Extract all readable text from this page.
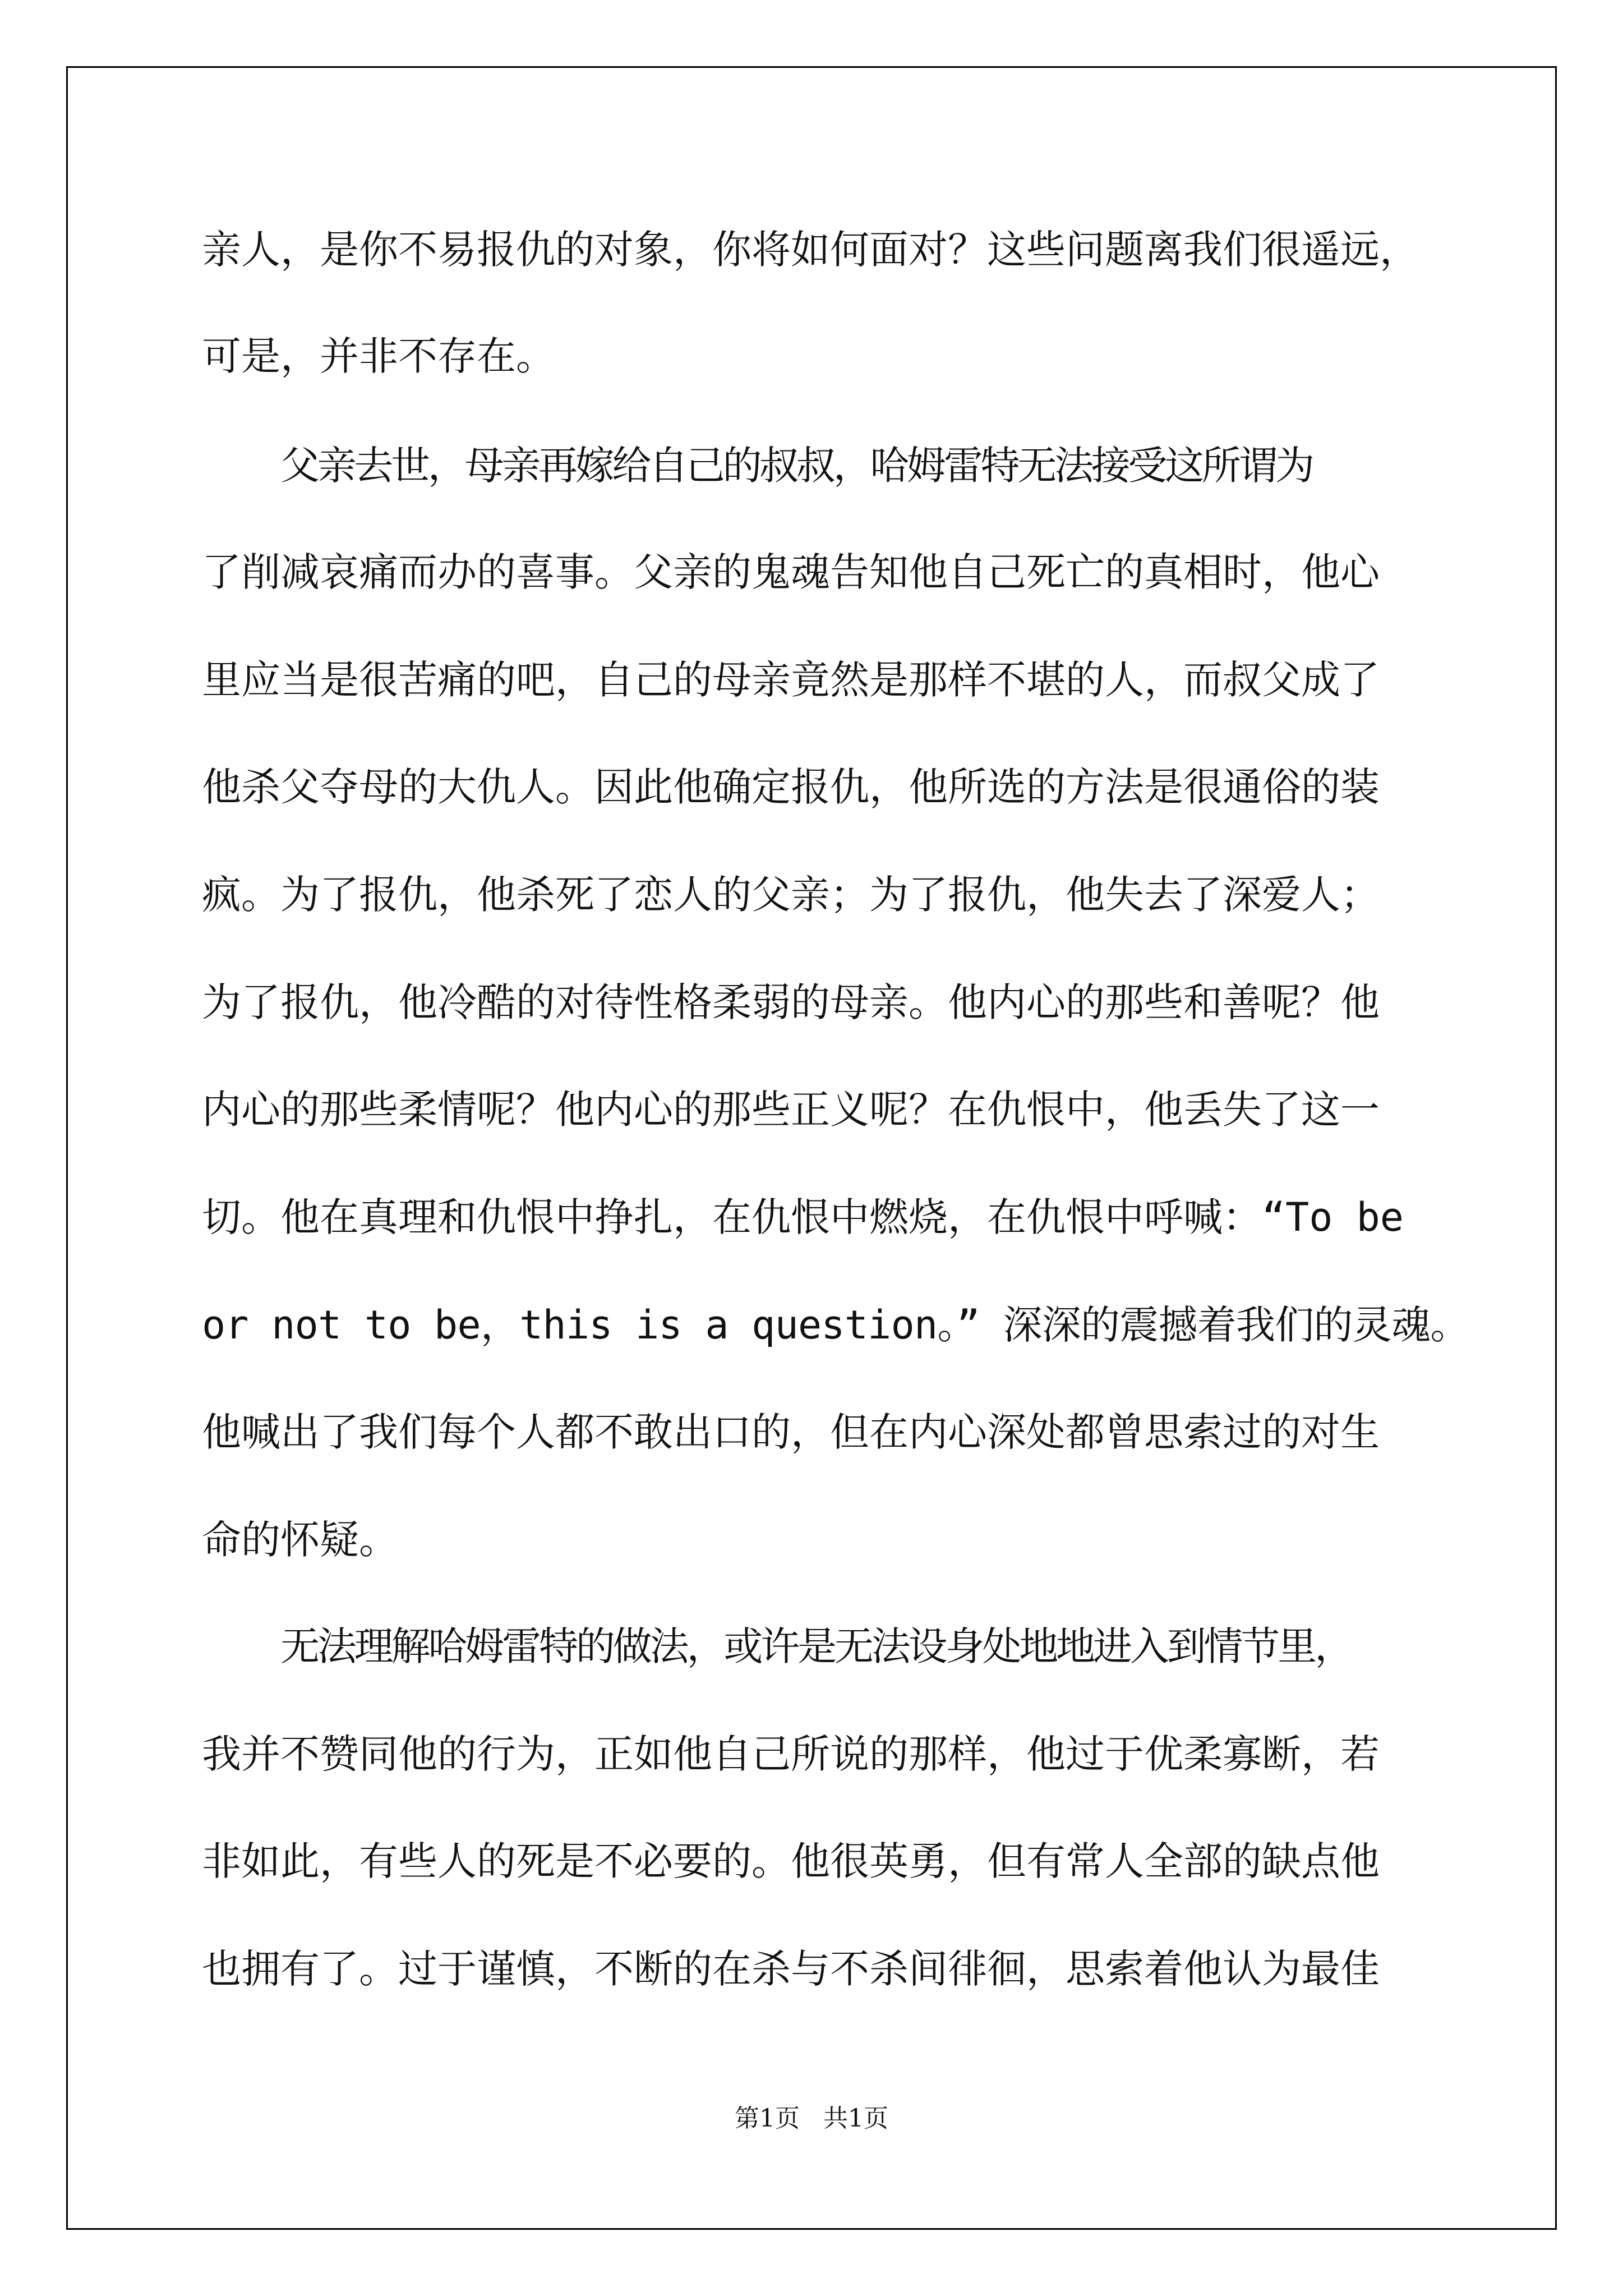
亲人，是你不易报仇的对象，你将如何面对？这些问题离我们很遥远，
可是，并非不存在。
父亲去世，母亲再嫁给自己的叔叔，哈姆雷特无法接受这所谓为
了削减哀痛而办的喜事。父亲的鬼魂告知他自己死亡的真相时，他心
里应当是很苦痛的吧，自己的母亲竟然是那样不堪的人，而叔父成了
他杀父夺母的大仇人。因此他确定报仇，他所选的方法是很通俗的装
疯。为了报仇，他杀死了恋人的父亲；为了报仇，他失去了深爱人；
为了报仇，他冷酷的对待性格柔弱的母亲。他内心的那些和善呢？他
内心的那些柔情呢？他内心的那些正义呢？在仇恨中，他丢失了这一
切。他在真理和仇恨中挣扎，在仇恨中燃烧，在仇恨中呼喊：“To be
or not to be，this is a question。” 深深的震撼着我们的灵魂。
他喊出了我们每个人都不敢出口的，但在内心深处都曾思索过的对生
命的怀疑。
无法理解哈姆雷特的做法，或许是无法设身处地地进入到情节里，
我并不赞同他的行为，正如他自己所说的那样，他过于优柔寡断，若
非如此，有些人的死是不必要的。他很英勇，但有常人全部的缺点他
也拥有了。过于谨慎，不断的在杀与不杀间徘徊，思索着他认为最佳
第1页   共1页
